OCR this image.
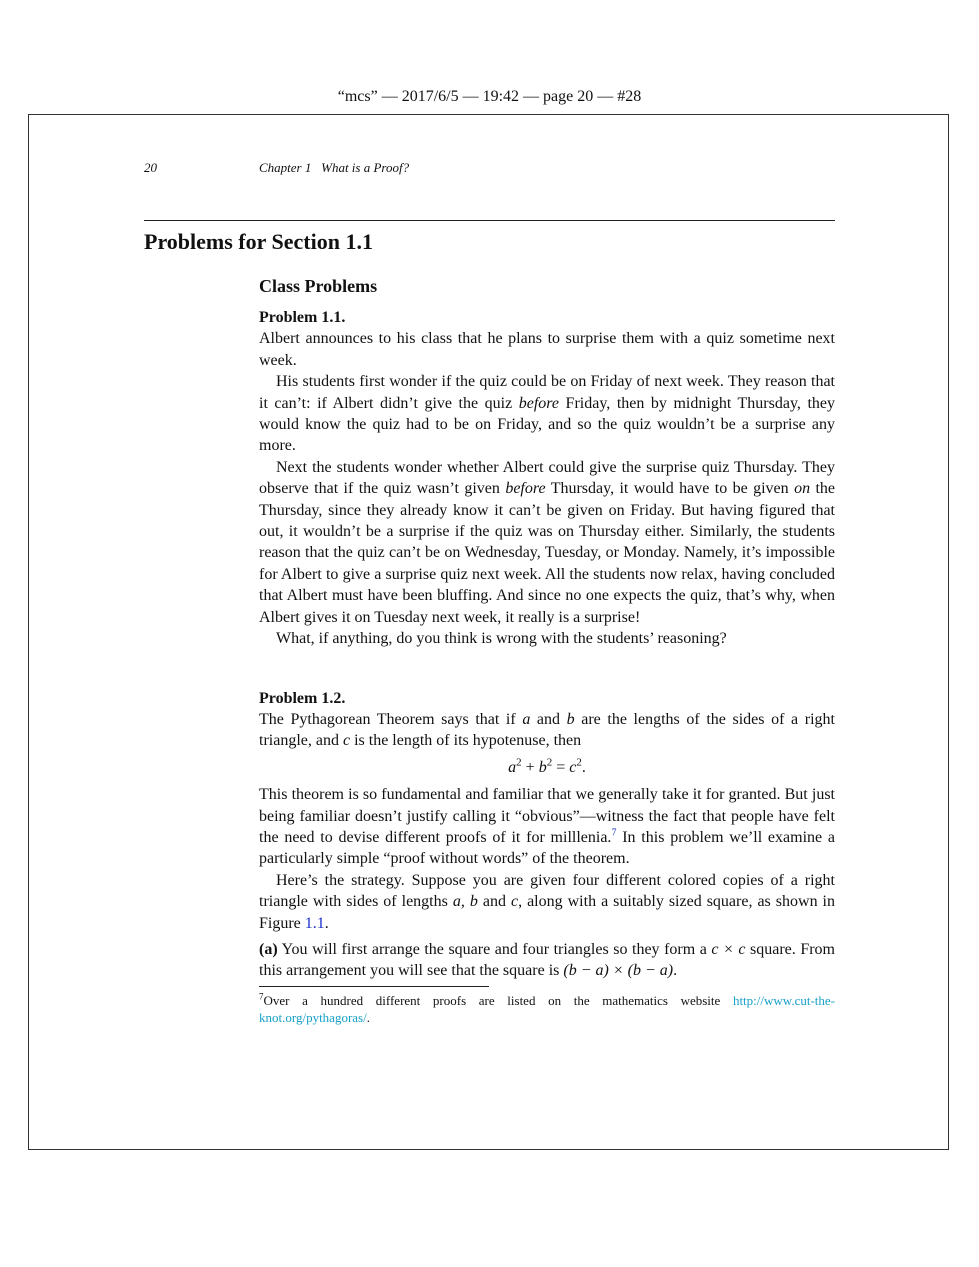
“mcs” — 2017/6/5 — 19:42 — page 20 — #28
20	Chapter 1   What is a Proof?
Problems for Section 1.1
Class Problems
Problem 1.1.

Albert announces to his class that he plans to surprise them with a quiz sometime next week.

His students first wonder if the quiz could be on Friday of next week. They reason that it can’t: if Albert didn’t give the quiz before Friday, then by midnight Thursday, they would know the quiz had to be on Friday, and so the quiz wouldn’t be a surprise any more.

Next the students wonder whether Albert could give the surprise quiz Thursday. They observe that if the quiz wasn’t given before Thursday, it would have to be given on the Thursday, since they already know it can’t be given on Friday. But having figured that out, it wouldn’t be a surprise if the quiz was on Thursday either. Similarly, the students reason that the quiz can’t be on Wednesday, Tuesday, or Monday. Namely, it’s impossible for Albert to give a surprise quiz next week. All the students now relax, having concluded that Albert must have been bluffing. And since no one expects the quiz, that’s why, when Albert gives it on Tuesday next week, it really is a surprise!

What, if anything, do you think is wrong with the students’ reasoning?

Problem 1.2.

The Pythagorean Theorem says that if a and b are the lengths of the sides of a right triangle, and c is the length of its hypotenuse, then

$a^2 + b^2 = c^2$.

This theorem is so fundamental and familiar that we generally take it for granted. But just being familiar doesn’t justify calling it “obvious”—witness the fact that people have felt the need to devise different proofs of it for milllenia.$^7$ In this problem we’ll examine a particularly simple “proof without words” of the theorem.

Here’s the strategy. Suppose you are given four different colored copies of a right triangle with sides of lengths a, b and c, along with a suitably sized square, as shown in Figure 1.1.

(a) You will first arrange the square and four triangles so they form a c × c square. From this arrangement you will see that the square is (b − a) × (b − a).

$^7$Over a hundred different proofs are listed on the mathematics website http://www.cut-the-knot.org/pythagoras/.
